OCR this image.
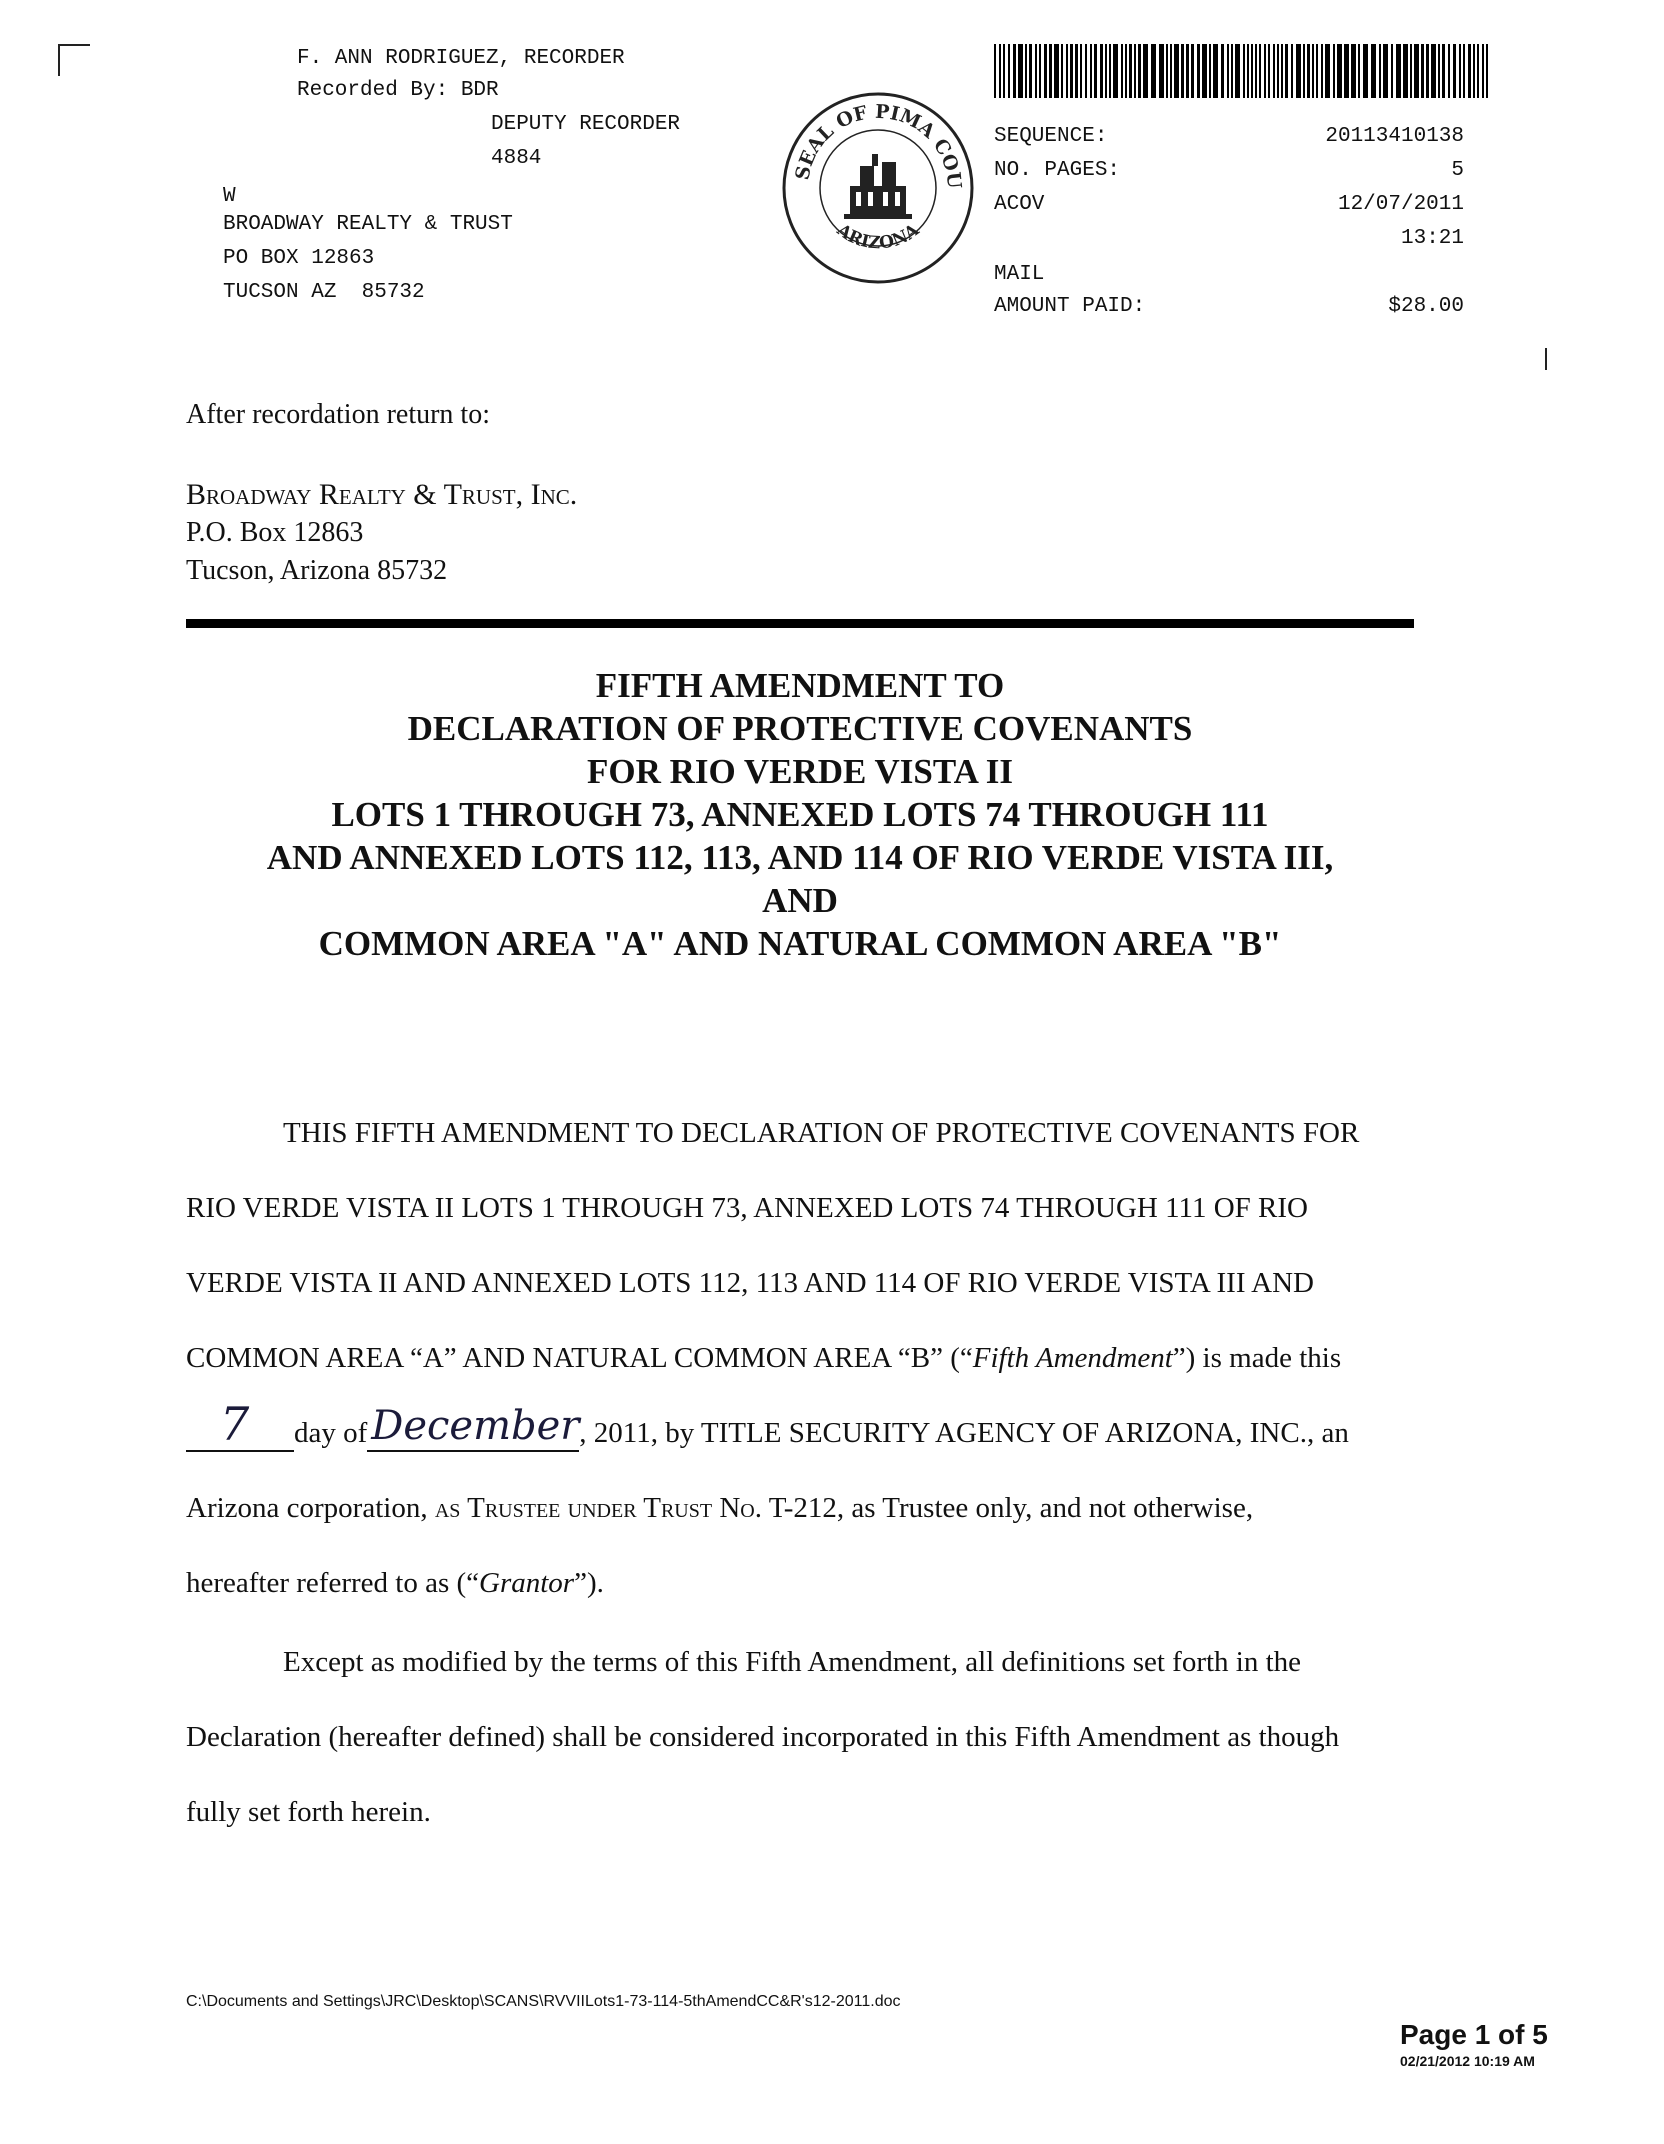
F. ANN RODRIGUEZ, RECORDER
Recorded By: BDR
DEPUTY RECORDER
4884
W
BROADWAY REALTY & TRUST
PO BOX 12863
TUCSON AZ  85732
SEAL OF PIMA COU
ARIZONA
SEQUENCE:	20113410138
NO. PAGES:	5
ACOV	12/07/2011
13:21
MAIL
AMOUNT PAID:	$28.00
After recordation return to:
Broadway Realty & Trust, Inc.
P.O. Box 12863
Tucson, Arizona 85732
FIFTH AMENDMENT TO
DECLARATION OF PROTECTIVE COVENANTS
FOR RIO VERDE VISTA II
LOTS 1 THROUGH 73, ANNEXED LOTS 74 THROUGH 111
AND ANNEXED LOTS 112, 113, AND 114 OF RIO VERDE VISTA III,
AND
COMMON AREA "A" AND NATURAL COMMON AREA "B"
THIS FIFTH AMENDMENT TO DECLARATION OF PROTECTIVE COVENANTS FOR
RIO VERDE VISTA II LOTS 1 THROUGH 73, ANNEXED LOTS 74 THROUGH 111 OF RIO
VERDE VISTA II AND ANNEXED LOTS 112, 113 AND 114 OF RIO VERDE VISTA III AND
COMMON AREA “A” AND NATURAL COMMON AREA “B” (“Fifth Amendment”) is made this
7 day of December , 2011, by TITLE SECURITY AGENCY OF ARIZONA, INC., an
Arizona corporation, as Trustee under Trust No. T-212, as Trustee only, and not otherwise,
hereafter referred to as (“Grantor”).
Except as modified by the terms of this Fifth Amendment, all definitions set forth in the
Declaration (hereafter defined) shall be considered incorporated in this Fifth Amendment as though
fully set forth herein.
C:\Documents and Settings\JRC\Desktop\SCANS\RVVIILots1-73-114-5thAmendCC&R's12-2011.doc
Page 1 of 5
02/21/2012 10:19 AM
